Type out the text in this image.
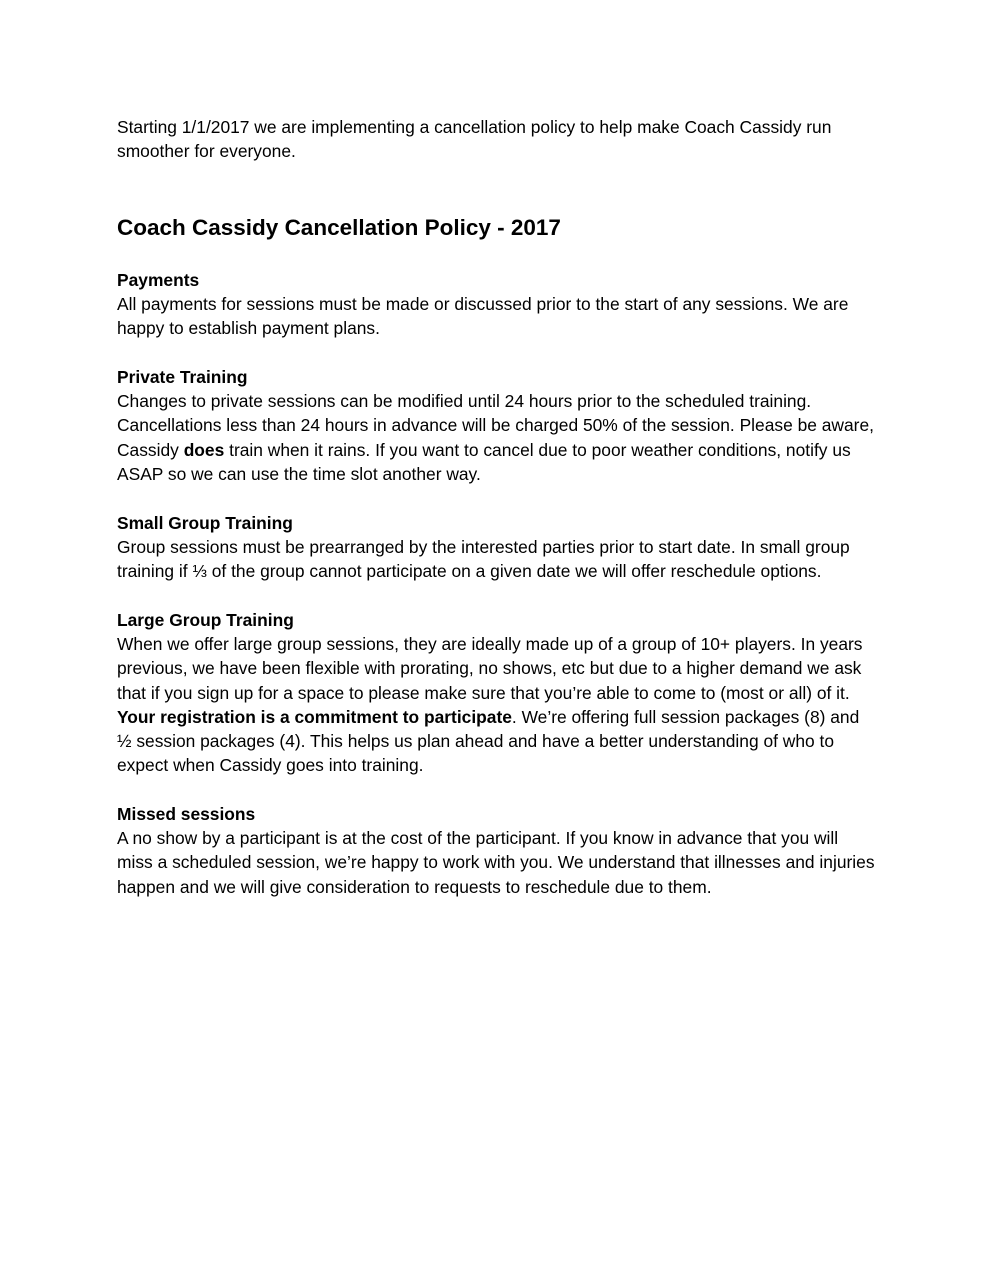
Starting 1/1/2017 we are implementing a cancellation policy to help make Coach Cassidy run smoother for everyone.

Coach Cassidy Cancellation Policy - 2017
Payments

All payments for sessions must be made or discussed prior to the start of any sessions. We are happy to establish payment plans.

Private Training

Changes to private sessions can be modified until 24 hours prior to the scheduled training. Cancellations less than 24 hours in advance will be charged 50% of the session. Please be aware, Cassidy does train when it rains. If you want to cancel due to poor weather conditions, notify us ASAP so we can use the time slot another way.

Small Group Training

Group sessions must be prearranged by the interested parties prior to start date. In small group training if ⅓ of the group cannot participate on a given date we will offer reschedule options.

Large Group Training

When we offer large group sessions, they are ideally made up of a group of 10+ players. In years previous, we have been flexible with prorating, no shows, etc but due to a higher demand we ask that if you sign up for a space to please make sure that you’re able to come to (most or all) of it. Your registration is a commitment to participate. We’re offering full session packages (8) and ½ session packages (4). This helps us plan ahead and have a better understanding of who to expect when Cassidy goes into training.

Missed sessions

A no show by a participant is at the cost of the participant. If you know in advance that you will miss a scheduled session, we’re happy to work with you. We understand that illnesses and injuries happen and we will give consideration to requests to reschedule due to them.
